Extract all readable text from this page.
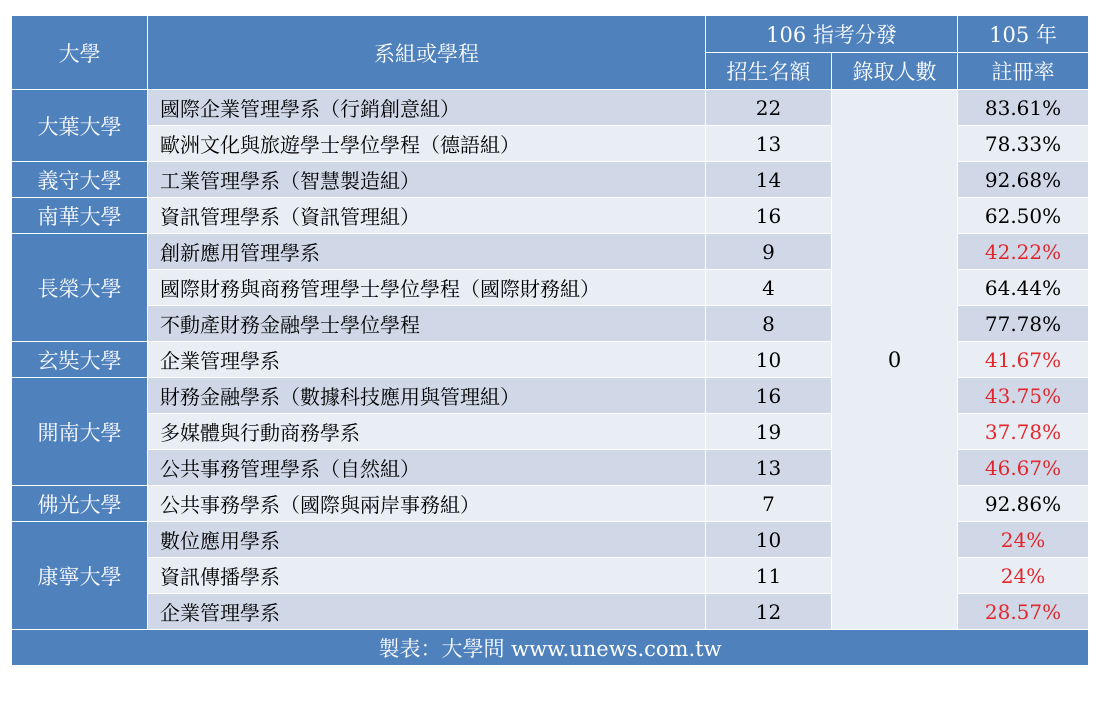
大學	系組或學程	106 指考分發		105 年
		招生名額	錄取人數	註冊率
大葉大學	國際企業管理學系（行銷創意組）	22	0	83.61%
	歐洲文化與旅遊學士學位學程（德語組）	13		78.33%
義守大學	工業管理學系（智慧製造組）	14		92.68%
南華大學	資訊管理學系（資訊管理組）	16		62.50%
長榮大學	創新應用管理學系	9		42.22%
	國際財務與商務管理學士學位學程（國際財務組）	4		64.44%
	不動產財務金融學士學位學程	8		77.78%
玄奘大學	企業管理學系	10		41.67%
開南大學	財務金融學系（數據科技應用與管理組）	16		43.75%
	多媒體與行動商務學系	19		37.78%
	公共事務管理學系（自然組）	13		46.67%
佛光大學	公共事務學系（國際與兩岸事務組）	7		92.86%
康寧大學	數位應用學系	10		24%
	資訊傳播學系	11		24%
	企業管理學系	12		28.57%
製表：大學問 www.unews.com.tw				
